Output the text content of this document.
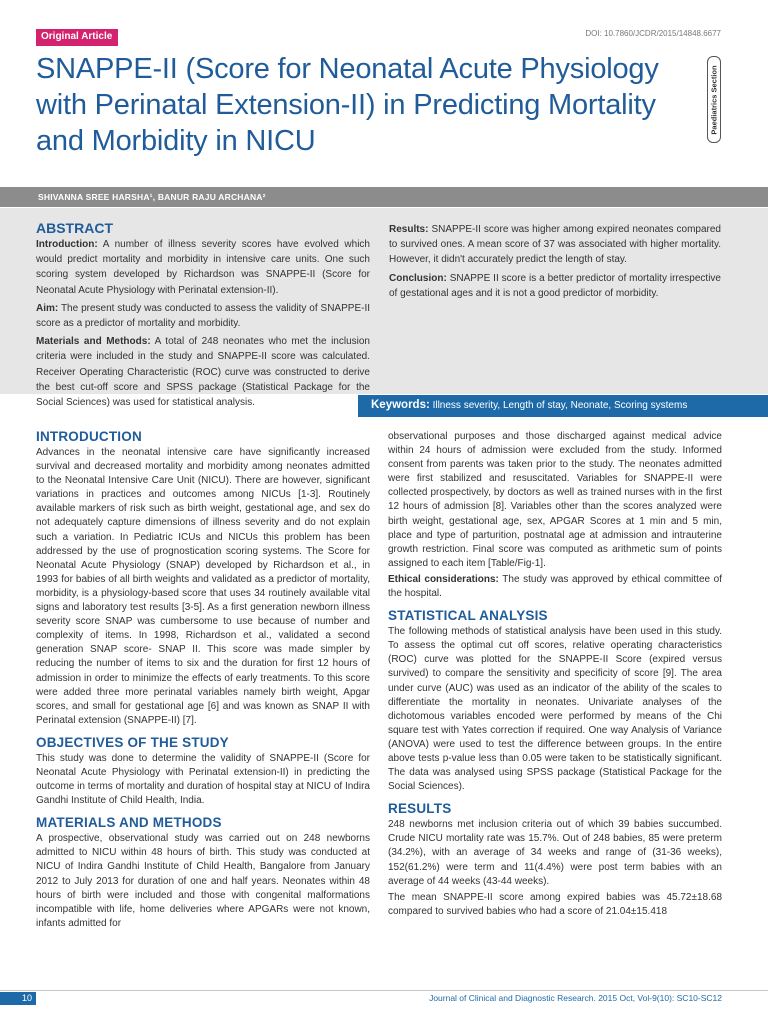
Original Article	DOI: 10.7860/JCDR/2015/14848.6677
Paediatrics Section
SNAPPE-II (Score for Neonatal Acute Physiology with Perinatal Extension-II) in Predicting Mortality and Morbidity in NICU
SHIVANNA SREE HARSHA¹, BANUR RAJU ARCHANA²
ABSTRACT

Introduction: A number of illness severity scores have evolved which would predict mortality and morbidity in intensive care units. One such scoring system developed by Richardson was SNAPPE-II (Score for Neonatal Acute Physiology with Perinatal extension-II).

Aim: The present study was conducted to assess the validity of SNAPPE-II score as a predictor of mortality and morbidity.

Materials and Methods: A total of 248 neonates who met the inclusion criteria were included in the study and SNAPPE-II score was calculated. Receiver Operating Characteristic (ROC) curve was constructed to derive the best cut-off score and SPSS package (Statistical Package for the Social Sciences) was used for statistical analysis.

Results: SNAPPE-II score was higher among expired neonates compared to survived ones. A mean score of 37 was associated with higher mortality. However, it didn't accurately predict the length of stay.

Conclusion: SNAPPE II score is a better predictor of mortality irrespective of gestational ages and it is not a good predictor of morbidity.

Keywords: Illness severity, Length of stay, Neonate, Scoring systems
INTRODUCTION

Advances in the neonatal intensive care have significantly increased survival and decreased mortality and morbidity among neonates admitted to the Neonatal Intensive Care Unit (NICU). There are however, significant variations in practices and outcomes among NICUs [1-3]. Routinely available markers of risk such as birth weight, gestational age, and sex do not adequately capture dimensions of illness severity and do not explain such a variation. In Pediatric ICUs and NICUs this problem has been addressed by the use of prognostication scoring systems. The Score for Neonatal Acute Physiology (SNAP) developed by Richardson et al., in 1993 for babies of all birth weights and validated as a predictor of mortality, morbidity, is a physiology-based score that uses 34 routinely available vital signs and laboratory test results [3-5]. As a first generation newborn illness severity score SNAP was cumbersome to use because of number and complexity of items. In 1998, Richardson et al., validated a second generation SNAP score- SNAP II. This score was made simpler by reducing the number of items to six and the duration for first 12 hours of admission in order to minimize the effects of early treatments. To this score were added three more perinatal variables namely birth weight, Apgar scores, and small for gestational age [6] and was known as SNAP II with Perinatal extension (SNAPPE-II) [7].

OBJECTIVES OF THE STUDY

This study was done to determine the validity of SNAPPE-II (Score for Neonatal Acute Physiology with Perinatal extension-II) in predicting the outcome in terms of mortality and duration of hospital stay at NICU of Indira Gandhi Institute of Child Health, India.

MATERIALS AND METHODS

A prospective, observational study was carried out on 248 newborns admitted to NICU within 48 hours of birth. This study was conducted at NICU of Indira Gandhi Institute of Child Health, Bangalore from January 2012 to July 2013 for duration of one and half years. Neonates within 48 hours of birth were included and those with congenital malformations incompatible with life, home deliveries where APGARs were not known, infants admitted for

observational purposes and those discharged against medical advice within 24 hours of admission were excluded from the study. Informed consent from parents was taken prior to the study. The neonates admitted were first stabilized and resuscitated. Variables for SNAPPE-II were collected prospectively, by doctors as well as trained nurses with in the first 12 hours of admission [8]. Variables other than the scores analyzed were birth weight, gestational age, sex, APGAR Scores at 1 min and 5 min, place and type of parturition, postnatal age at admission and intrauterine growth restriction. Final score was computed as arithmetic sum of points assigned to each item [Table/Fig-1].

Ethical considerations: The study was approved by ethical committee of the hospital.

STATISTICAL ANALYSIS

The following methods of statistical analysis have been used in this study. To assess the optimal cut off scores, relative operating characteristics (ROC) curve was plotted for the SNAPPE-II Score (expired versus survived) to compare the sensitivity and specificity of score [9]. The area under curve (AUC) was used as an indicator of the ability of the scales to differentiate the mortality in neonates. Univariate analyses of the dichotomous variables encoded were performed by means of the Chi square test with Yates correction if required. One way Analysis of Variance (ANOVA) were used to test the difference between groups. In the entire above tests p-value less than 0.05 were taken to be statistically significant. The data was analysed using SPSS package (Statistical Package for the Social Sciences).

RESULTS

248 newborns met inclusion criteria out of which 39 babies succumbed. Crude NICU mortality rate was 15.7%. Out of 248 babies, 85 were preterm (34.2%), with an average of 34 weeks and range of (31-36 weeks), 152(61.2%) were term and 11(4.4%) were post term babies with an average of 44 weeks (43-44 weeks).

The mean SNAPPE-II score among expired babies was 45.72±18.68 compared to survived babies who had a score of 21.04±15.418

10	Journal of Clinical and Diagnostic Research. 2015 Oct, Vol-9(10): SC10-SC12
